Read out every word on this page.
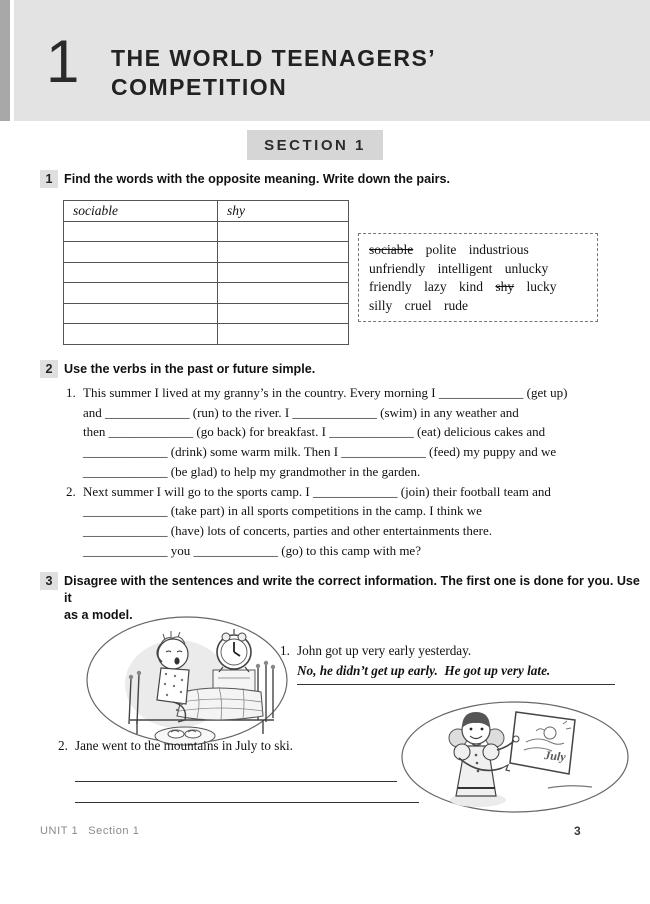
1 THE WORLD TEENAGERS’
COMPETITION
SECTION 1
1 Find the words with the opposite meaning. Write down the pairs.
sociable	shy

sociable polite industrious
unfriendly intelligent unlucky
friendly lazy kind shy lucky
silly cruel rude
2 Use the verbs in the past or future simple.
1. This summer I lived at my granny’s in the country. Every morning I _____________ (get up)
and _____________ (run) to the river. I _____________ (swim) in any weather and
then _____________ (go back) for breakfast. I _____________ (eat) delicious cakes and
_____________ (drink) some warm milk. Then I _____________ (feed) my puppy and we
_____________ (be glad) to help my grandmother in the garden.
2. Next summer I will go to the sports camp. I _____________ (join) their football team and
_____________ (take part) in all sports competitions in the camp. I think we
_____________ (have) lots of concerts, parties and other entertainments there.
_____________ you _____________ (go) to this camp with me?
3 Disagree with the sentences and write the correct information. The first one is done for you. Use it
as a model.
1. John got up very early yesterday.
No, he didn’t get up early.  He got up very late.
2. Jane went to the mountains in July to ski.
July
UNIT 1 Section 1	3
